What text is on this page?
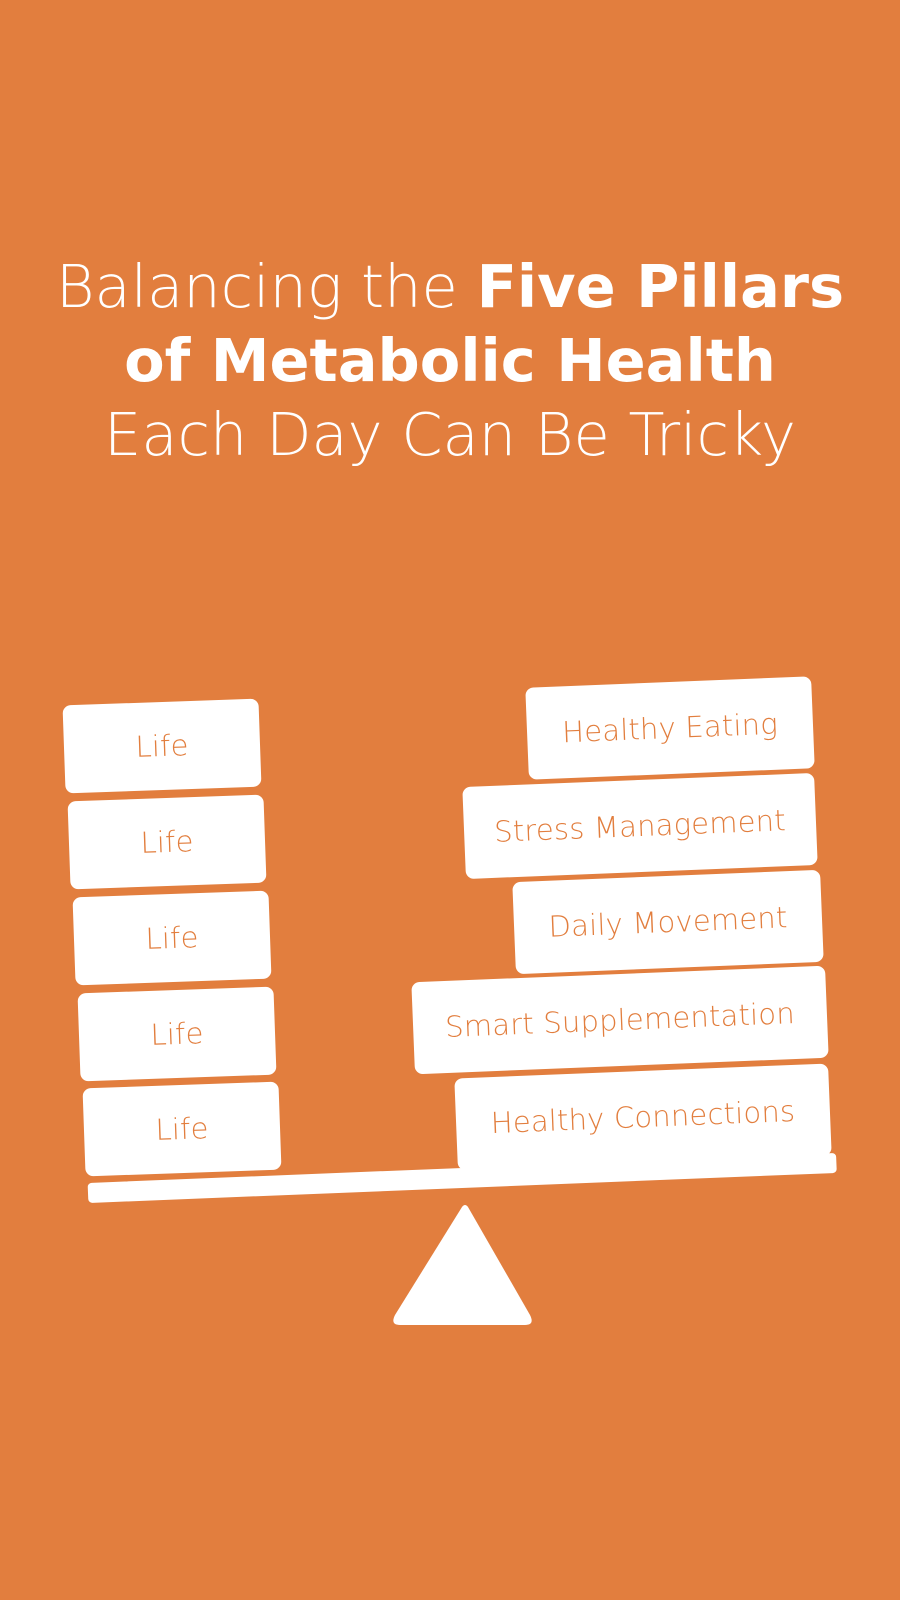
Balancing the Five Pillars
of Metabolic Health
Each Day Can Be Tricky
Life
Life
Life
Life
Life
Healthy Eating
Stress Management
Daily Movement
Smart Supplementation
Healthy Connections
